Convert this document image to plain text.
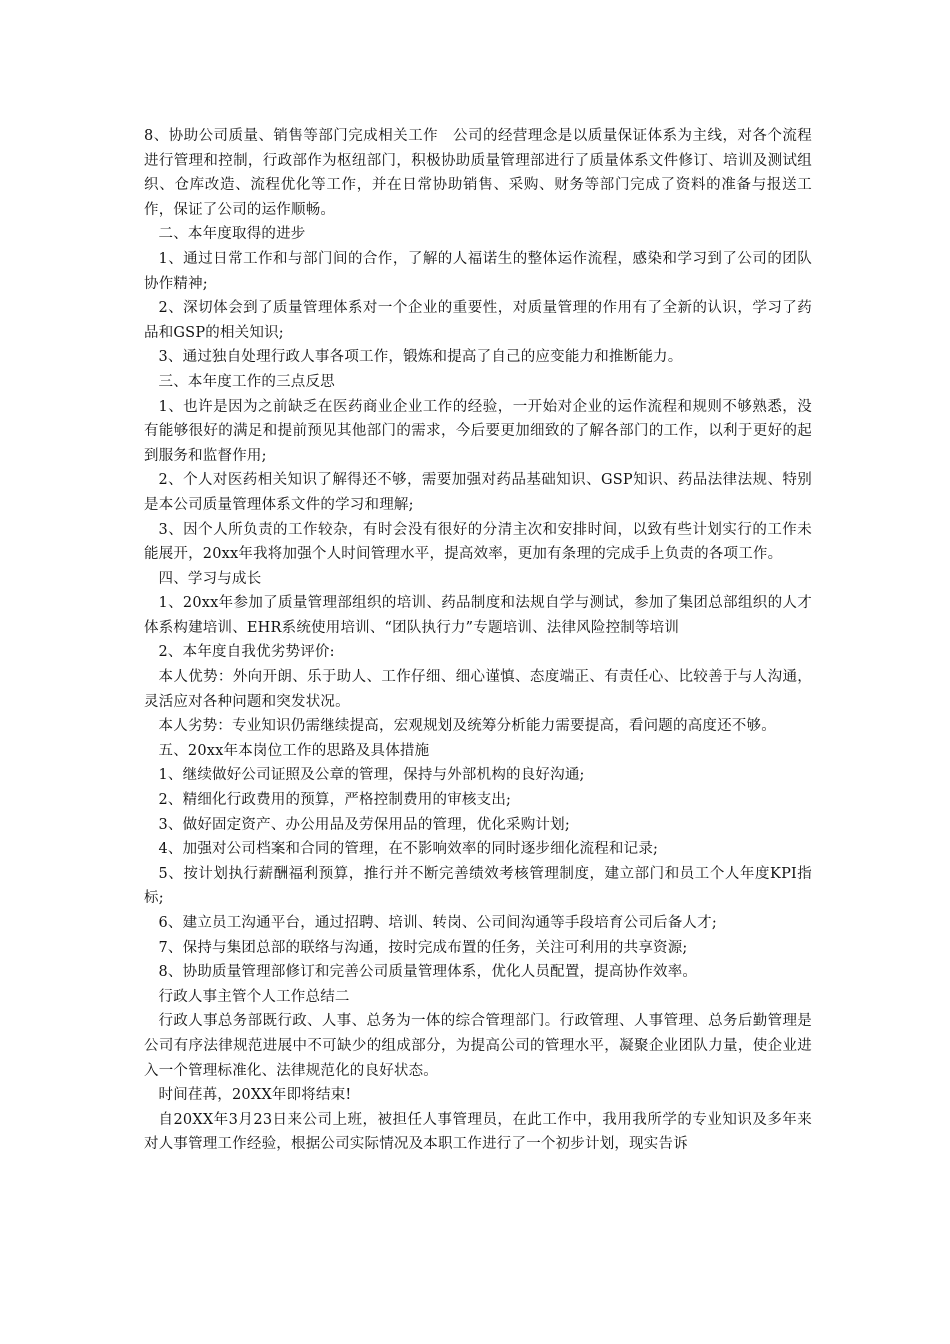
8、协助公司质量、销售等部门完成相关工作　公司的经营理念是以质量保证体系为主线，对各个流程进行管理和控制，行政部作为枢纽部门，积极协助质量管理部进行了质量体系文件修订、培训及测试组织、仓库改造、流程优化等工作，并在日常协助销售、采购、财务等部门完成了资料的准备与报送工作，保证了公司的运作顺畅。

二、本年度取得的进步

1、通过日常工作和与部门间的合作，了解的人福诺生的整体运作流程，感染和学习到了公司的团队协作精神;

2、深切体会到了质量管理体系对一个企业的重要性，对质量管理的作用有了全新的认识，学习了药品和GSP的相关知识;

3、通过独自处理行政人事各项工作，锻炼和提高了自己的应变能力和推断能力。

三、本年度工作的三点反思

1、也许是因为之前缺乏在医药商业企业工作的经验，一开始对企业的运作流程和规则不够熟悉，没有能够很好的满足和提前预见其他部门的需求，今后要更加细致的了解各部门的工作，以利于更好的起到服务和监督作用;

2、个人对医药相关知识了解得还不够，需要加强对药品基础知识、GSP知识、药品法律法规、特别是本公司质量管理体系文件的学习和理解;

3、因个人所负责的工作较杂，有时会没有很好的分清主次和安排时间，以致有些计划实行的工作未能展开，20xx年我将加强个人时间管理水平，提高效率，更加有条理的完成手上负责的各项工作。

四、学习与成长

1、20xx年参加了质量管理部组织的培训、药品制度和法规自学与测试，参加了集团总部组织的人才体系构建培训、EHR系统使用培训、“团队执行力”专题培训、法律风险控制等培训

2、本年度自我优劣势评价:

本人优势：外向开朗、乐于助人、工作仔细、细心谨慎、态度端正、有责任心、比较善于与人沟通，灵活应对各种问题和突发状况。

本人劣势：专业知识仍需继续提高，宏观规划及统筹分析能力需要提高，看问题的高度还不够。

五、20xx年本岗位工作的思路及具体措施

1、继续做好公司证照及公章的管理，保持与外部机构的良好沟通;

2、精细化行政费用的预算，严格控制费用的审核支出;

3、做好固定资产、办公用品及劳保用品的管理，优化采购计划;

4、加强对公司档案和合同的管理，在不影响效率的同时逐步细化流程和记录;

5、按计划执行薪酬福利预算，推行并不断完善绩效考核管理制度，建立部门和员工个人年度KPI指标;

6、建立员工沟通平台，通过招聘、培训、转岗、公司间沟通等手段培育公司后备人才;

7、保持与集团总部的联络与沟通，按时完成布置的任务，关注可利用的共享资源;

8、协助质量管理部修订和完善公司质量管理体系，优化人员配置，提高协作效率。

行政人事主管个人工作总结二

行政人事总务部既行政、人事、总务为一体的综合管理部门。行政管理、人事管理、总务后勤管理是公司有序法律规范进展中不可缺少的组成部分，为提高公司的管理水平，凝聚企业团队力量，使企业进入一个管理标准化、法律规范化的良好状态。

时间荏苒，20XX年即将结束!

自20XX年3月23日来公司上班，被担任人事管理员，在此工作中，我用我所学的专业知识及多年来对人事管理工作经验，根据公司实际情况及本职工作进行了一个初步计划，现实告诉
